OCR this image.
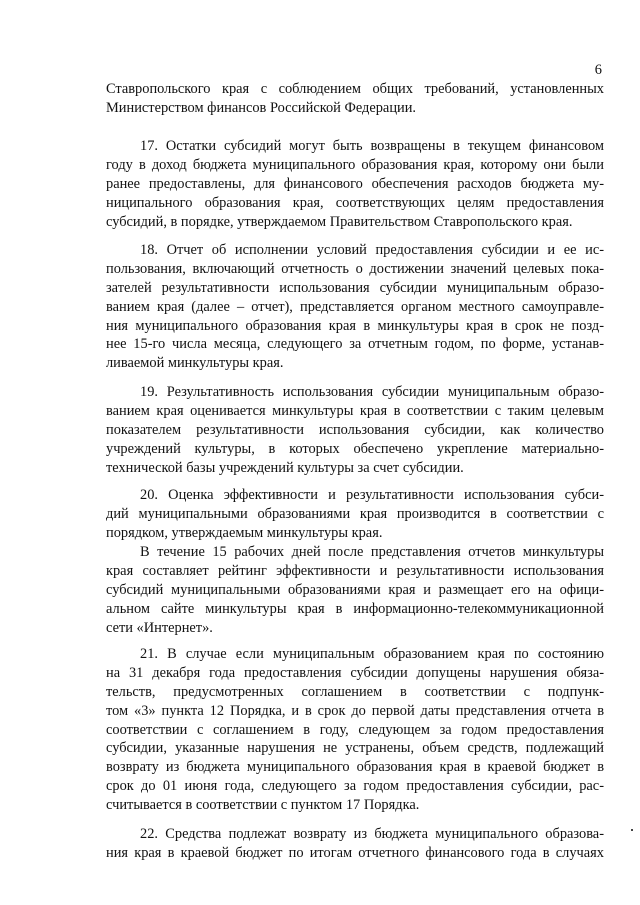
6
Ставропольского края с соблюдением общих требований, установленных
Министерством финансов Российской Федерации.
17. Остатки субсидий могут быть возвращены в текущем финансовом
году в доход бюджета муниципального образования края, которому они были
ранее предоставлены, для финансового обеспечения расходов бюджета му-
ниципального образования края, соответствующих целям предоставления
субсидий, в порядке, утверждаемом Правительством Ставропольского края.
18. Отчет об исполнении условий предоставления субсидии и ее ис-
пользования, включающий отчетность о достижении значений целевых пока-
зателей результативности использования субсидии муниципальным образо-
ванием края (далее – отчет), представляется органом местного самоуправле-
ния муниципального образования края в минкультуры края в срок не позд-
нее 15-го числа месяца, следующего за отчетным годом, по форме, устанав-
ливаемой минкультуры края.
19. Результативность использования субсидии муниципальным образо-
ванием края оценивается минкультуры края в соответствии с таким целевым
показателем результативности использования субсидии, как количество
учреждений культуры, в которых обеспечено укрепление материально-
технической базы учреждений культуры за счет субсидии.
20. Оценка эффективности и результативности использования субси-
дий муниципальными образованиями края производится в соответствии с
порядком, утверждаемым минкультуры края.
В течение 15 рабочих дней после представления отчетов минкультуры
края составляет рейтинг эффективности и результативности использования
субсидий муниципальными образованиями края и размещает его на офици-
альном сайте минкультуры края в информационно-телекоммуникационной
сети «Интернет».
21. В случае если муниципальным образованием края по состоянию
на 31 декабря года предоставления субсидии допущены нарушения обяза-
тельств, предусмотренных соглашением в соответствии с подпунк-
том «3» пункта 12 Порядка, и в срок до первой даты представления отчета в
соответствии с соглашением в году, следующем за годом предоставления
субсидии, указанные нарушения не устранены, объем средств, подлежащий
возврату из бюджета муниципального образования края в краевой бюджет в
срок до 01 июня года, следующего за годом предоставления субсидии, рас-
считывается в соответствии с пунктом 17 Порядка.
22. Средства подлежат возврату из бюджета муниципального образова-
ния края в краевой бюджет по итогам отчетного финансового года в случаях
